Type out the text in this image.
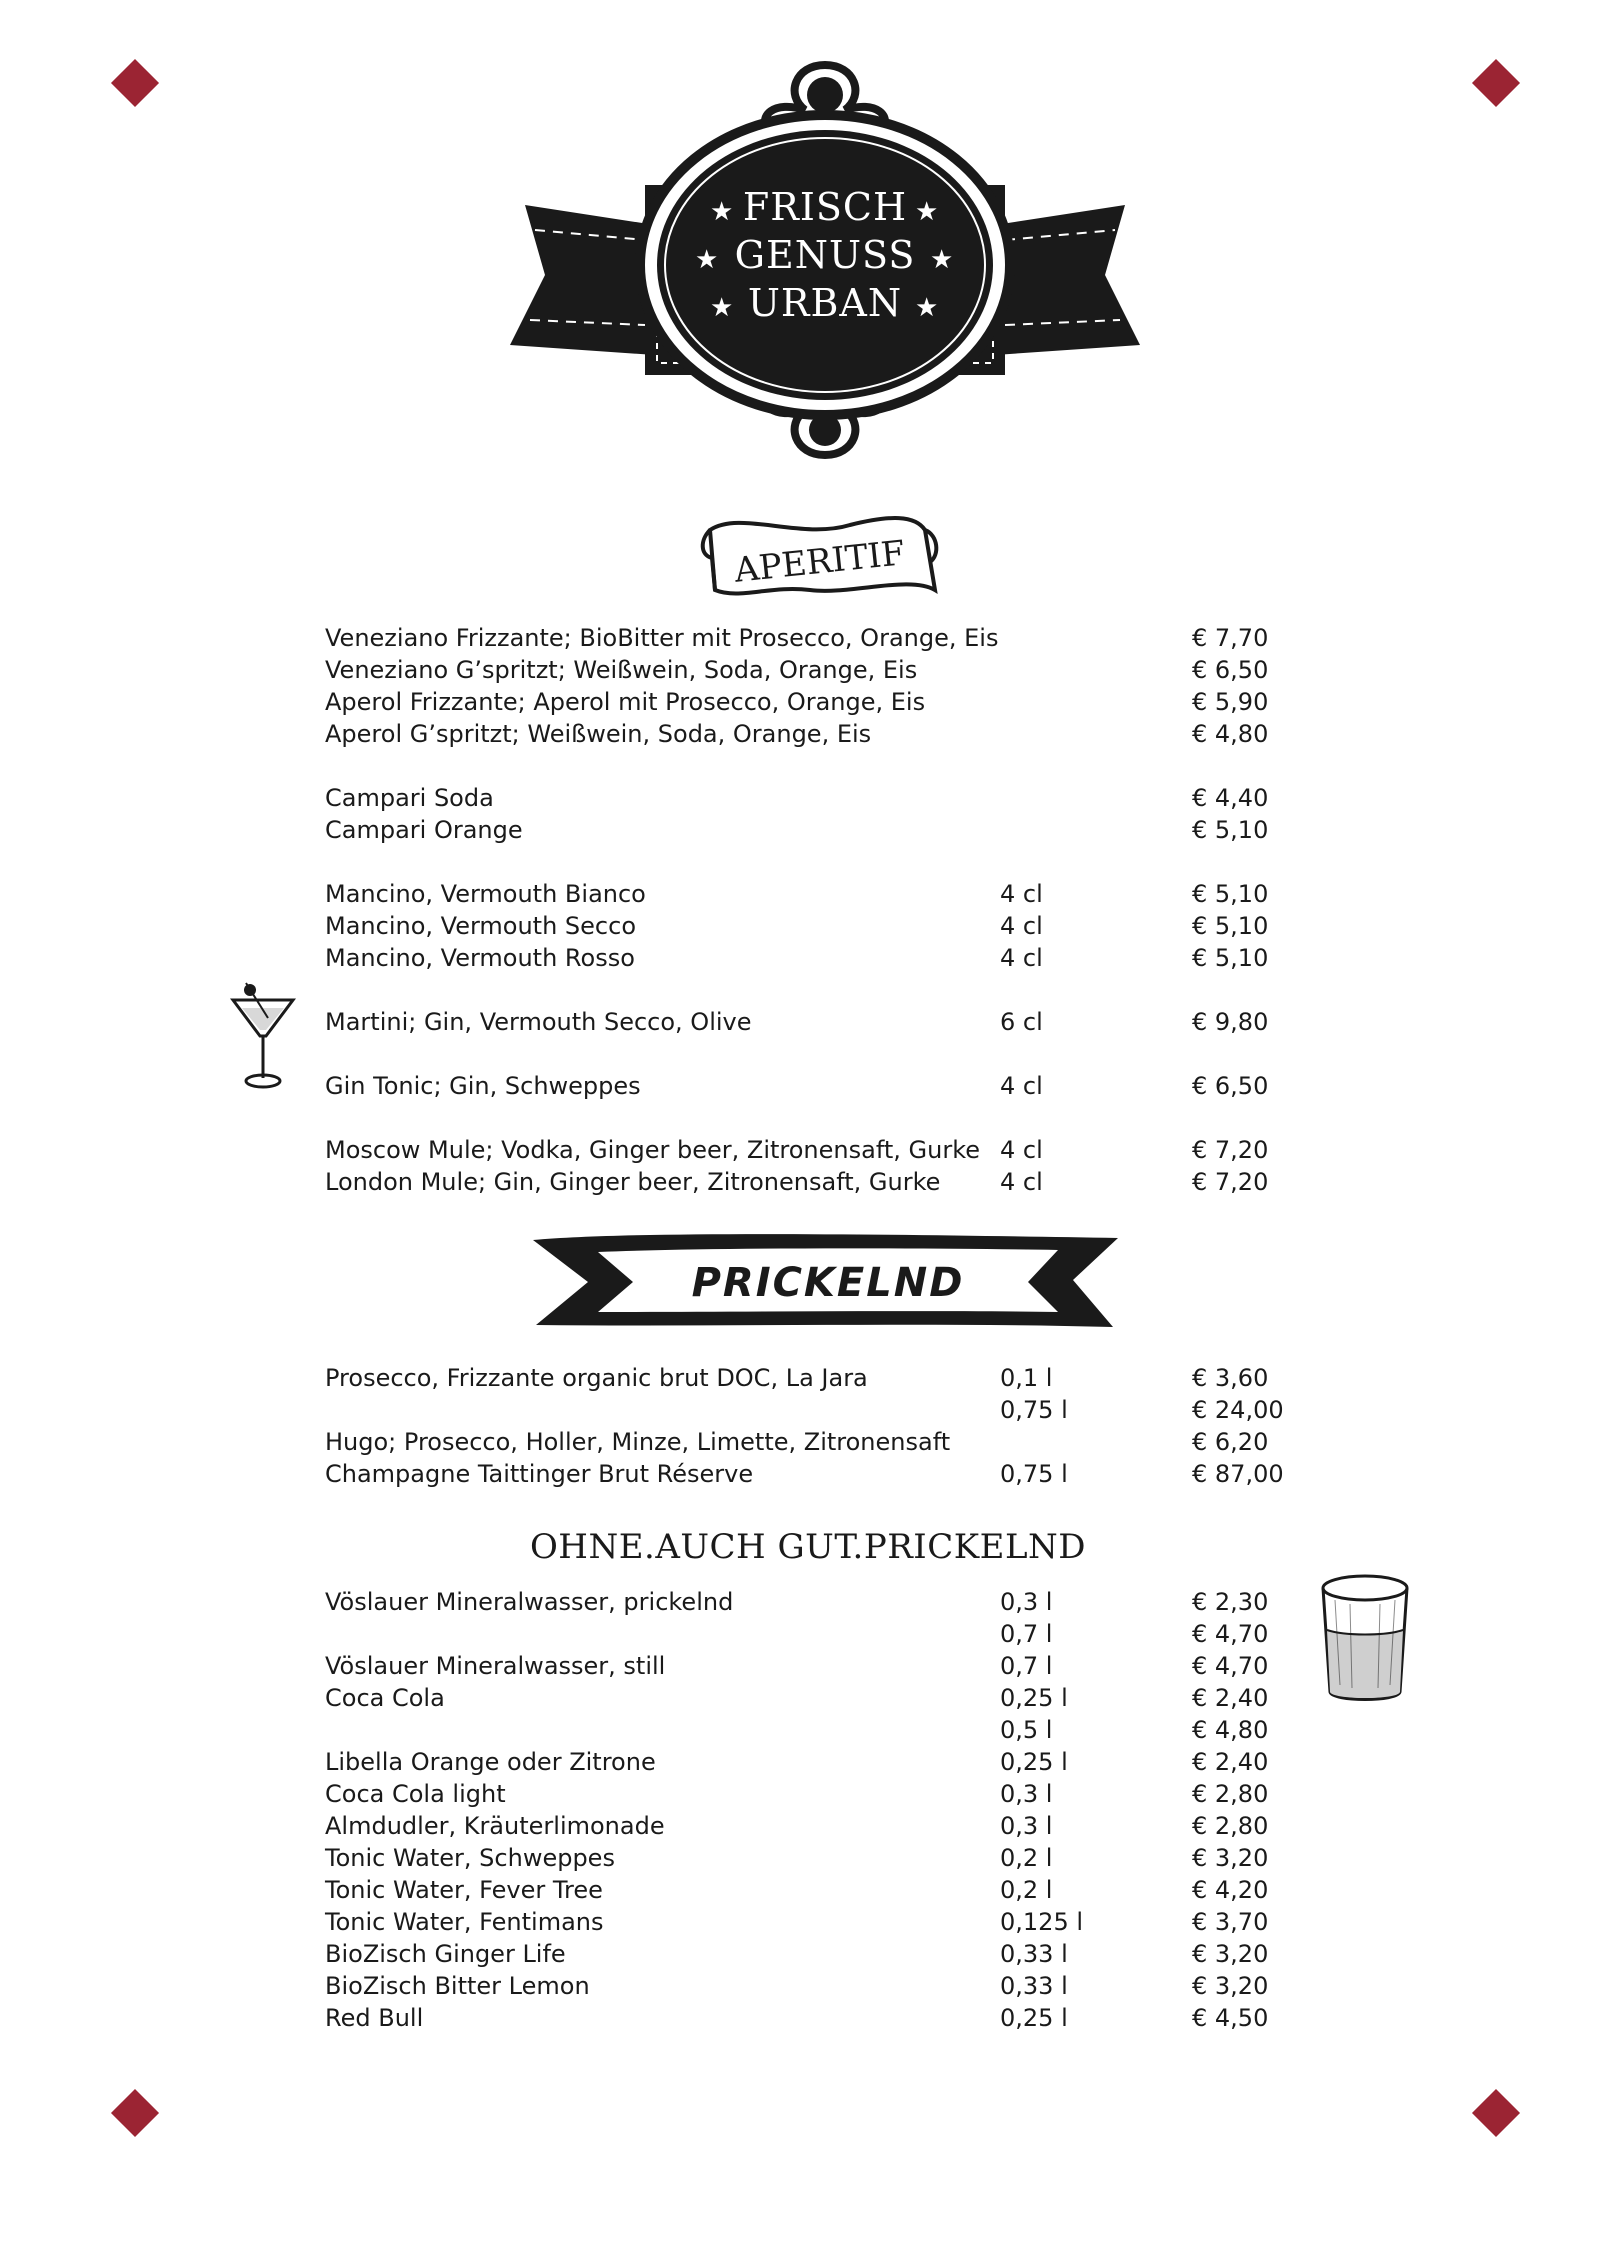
FRISCH
GENUSS
URBAN
★	★
★	★
★	★
APERITIF
PRICKELND
OHNE.AUCH GUT.PRICKELND
Veneziano Frizzante; BioBitter mit Prosecco, Orange, Eis	€ 7,70
Veneziano G’spritzt; Weißwein, Soda, Orange, Eis	€ 6,50
Aperol Frizzante; Aperol mit Prosecco, Orange, Eis	€ 5,90
Aperol G’spritzt; Weißwein, Soda, Orange, Eis	€ 4,80
Campari Soda	€ 4,40
Campari Orange	€ 5,10
Mancino, Vermouth Bianco	4 cl	€ 5,10
Mancino, Vermouth Secco	4 cl	€ 5,10
Mancino, Vermouth Rosso	4 cl	€ 5,10
Martini; Gin, Vermouth Secco, Olive	6 cl	€ 9,80
Gin Tonic; Gin, Schweppes	4 cl	€ 6,50
Moscow Mule; Vodka, Ginger beer, Zitronensaft, Gurke 4 cl	€ 7,20
London Mule; Gin, Ginger beer, Zitronensaft, Gurke 4 cl	€ 7,20
Prosecco, Frizzante organic brut DOC, La Jara	0,1 l	€ 3,60
0,75 l	€ 24,00
Hugo; Prosecco, Holler, Minze, Limette, Zitronensaft	€ 6,20
Champagne Taittinger Brut Réserve	0,75 l	€ 87,00
Vöslauer Mineralwasser, prickelnd	0,3 l	€ 2,30
0,7 l	€ 4,70
Vöslauer Mineralwasser, still	0,7 l	€ 4,70
Coca Cola	0,25 l	€ 2,40
0,5 l	€ 4,80
Libella Orange oder Zitrone	0,25 l	€ 2,40
Coca Cola light	0,3 l	€ 2,80
Almdudler, Kräuterlimonade	0,3 l	€ 2,80
Tonic Water, Schweppes	0,2 l	€ 3,20
Tonic Water, Fever Tree	0,2 l	€ 4,20
Tonic Water, Fentimans	0,125 l	€ 3,70
BioZisch Ginger Life	0,33 l	€ 3,20
BioZisch Bitter Lemon	0,33 l	€ 3,20
Red Bull	0,25 l	€ 4,50
